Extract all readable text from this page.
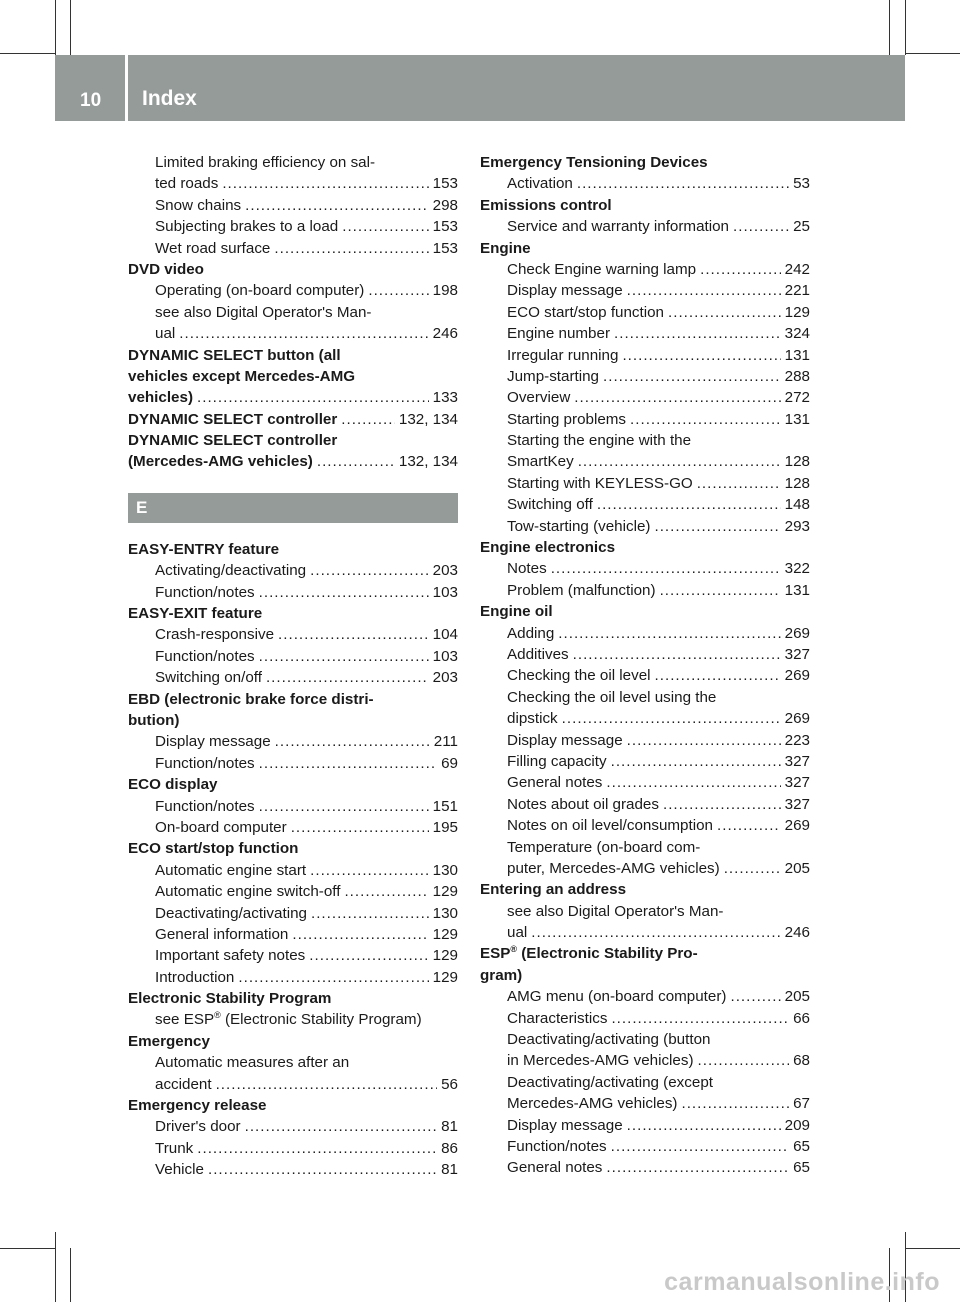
10 Index
Limited braking efficiency on sal-
ted roads .....	153
Snow chains .....	298
Subjecting brakes to a load .....	153
Wet road surface .....	153
DVD video
Operating (on-board computer) .....	198
see also Digital Operator's Man-
ual .....	246
DYNAMIC SELECT button (all
vehicles except Mercedes-AMG
vehicles) .....	133
DYNAMIC SELECT controller .....	132, 134
DYNAMIC SELECT controller
(Mercedes-AMG vehicles) .....	132, 134
E
EASY-ENTRY feature
Activating/deactivating .....	203
Function/notes .....	103
EASY-EXIT feature
Crash-responsive .....	104
Function/notes .....	103
Switching on/off .....	203
EBD (electronic brake force distri-
bution)
Display message .....	211
Function/notes .....	69
ECO display
Function/notes .....	151
On-board computer .....	195
ECO start/stop function
Automatic engine start .....	130
Automatic engine switch-off .....	129
Deactivating/activating .....	130
General information .....	129
Important safety notes .....	129
Introduction .....	129
Electronic Stability Program
see ESP® (Electronic Stability Program)
Emergency
Automatic measures after an
accident .....	56
Emergency release
Driver's door .....	81
Trunk .....	86
Vehicle .....	81
Emergency Tensioning Devices
Activation .....	53
Emissions control
Service and warranty information .....	25
Engine
Check Engine warning lamp .....	242
Display message .....	221
ECO start/stop function .....	129
Engine number .....	324
Irregular running .....	131
Jump-starting .....	288
Overview .....	272
Starting problems .....	131
Starting the engine with the
SmartKey .....	128
Starting with KEYLESS-GO .....	128
Switching off .....	148
Tow-starting (vehicle) .....	293
Engine electronics
Notes .....	322
Problem (malfunction) .....	131
Engine oil
Adding .....	269
Additives .....	327
Checking the oil level .....	269
Checking the oil level using the
dipstick .....	269
Display message .....	223
Filling capacity .....	327
General notes .....	327
Notes about oil grades .....	327
Notes on oil level/consumption .....	269
Temperature (on-board com-
puter, Mercedes-AMG vehicles) .....	205
Entering an address
see also Digital Operator's Man-
ual .....	246
ESP® (Electronic Stability Pro-
gram)
AMG menu (on-board computer) .....	205
Characteristics .....	66
Deactivating/activating (button
in Mercedes-AMG vehicles) .....	68
Deactivating/activating (except
Mercedes-AMG vehicles) .....	67
Display message .....	209
Function/notes .....	65
General notes .....	65
carmanualsonline.info
